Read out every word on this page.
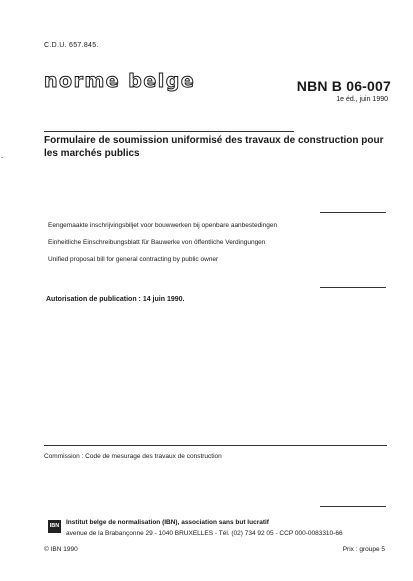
C.D.U. 657.845.
norme belge	NBN B 06-007
1e éd., juin 1990
-
Formulaire de soumission uniformisé des travaux de construction pour les marchés publics
Eengemaakte inschrijvingsbiljet voor bouwwerken bij openbare aanbestedingen
Einheitliche Einschreibungsblatt für Bauwerke von öffentliche Verdingungen
Unified proposal bill for general contracting by public owner
Autorisation de publication : 14 juin 1990.
Commission : Code de mesurage des travaux de construction
IBN Institut belge de normalisation (IBN), association sans but lucratif
avenue de la Brabançonne 29 - 1040 BRUXELLES - Tél. (02) 734 92 05 - CCP 000-0083310-66
© IBN 1990	Prix : groupe 5
